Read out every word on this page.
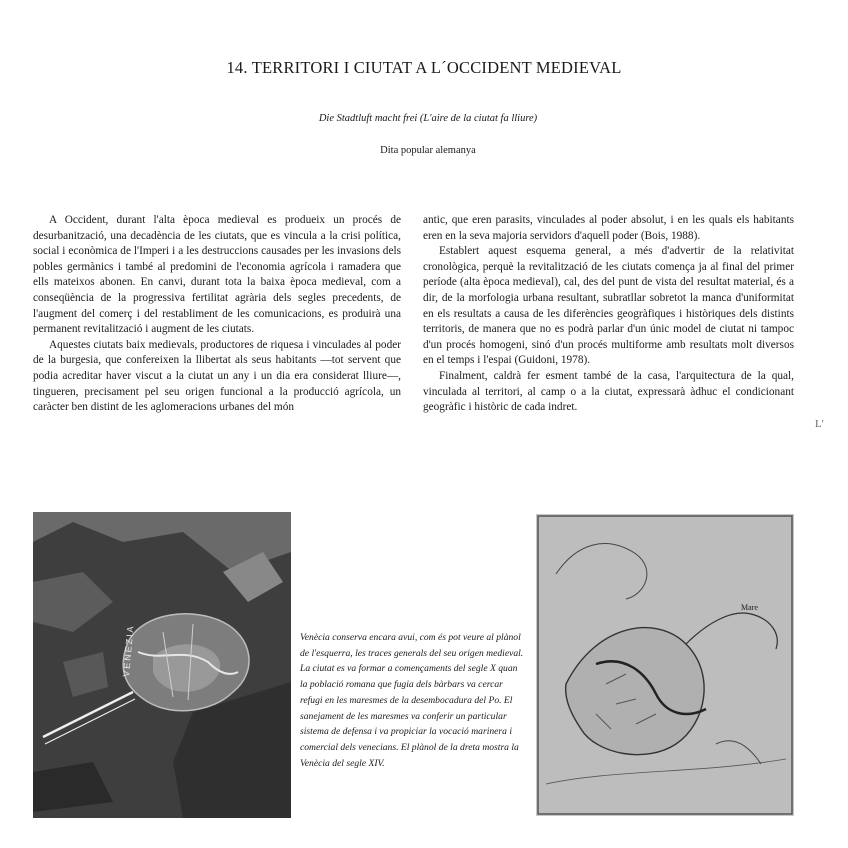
14. TERRITORI I CIUTAT A L´OCCIDENT MEDIEVAL
Die Stadtluft macht frei (L'aire de la ciutat fa lliure)
Dita popular alemanya

A Occident, durant l'alta època medieval es produeix un procés de desurbanització, una decadència de les ciutats, que es vincula a la crisi política, social i econòmica de l'Imperi i a les destruccions causades per les invasions dels pobles germànics i també al predomini de l'economia agrícola i ramadera que ells mateixos abonen. En canvi, durant tota la baixa època medieval, com a conseqüència de la progressiva fertilitat agrària dels segles precedents, de l'augment del comerç i del restabliment de les comunicacions, es produirà una permanent revitalització i augment de les ciutats.

Aquestes ciutats baix medievals, productores de riquesa i vinculades al poder de la burgesia, que confereixen la llibertat als seus habitants —tot servent que podia acreditar haver viscut a la ciutat un any i un dia era considerat lliure—, tingueren, precisament pel seu origen funcional a la producció agrícola, un caràcter ben distint de les aglomeracions urbanes del món

antic, que eren parasits, vinculades al poder absolut, i en les quals els habitants eren en la seva majoria servidors d'aquell poder (Bois, 1988).

Establert aquest esquema general, a més d'advertir de la relativitat cronològica, perquè la revitalització de les ciutats comença ja al final del primer període (alta època medieval), cal, des del punt de vista del resultat material, és a dir, de la morfologia urbana resultant, subratllar sobretot la manca d'uniformitat en els resultats a causa de les diferències geogràfiques i històriques dels distints territoris, de manera que no es podrà parlar d'un únic model de ciutat ni tampoc d'un procés homogeni, sinó d'un procés multiforme amb resultats molt diversos en el temps i l'espai (Guidoni, 1978).

Finalment, caldrà fer esment també de la casa, l'arquitectura de la qual, vinculada al territori, al camp o a la ciutat, expressarà àdhuc el condicionant geogràfic i històric de cada indret.

VENEZIA
Mare
Venècia conserva encara avui, com és pot veure al plànol de l'esquerra, les traces generals del seu origen medieval. La ciutat es va formar a començaments del segle X quan la població romana que fugia dels bàrbars va cercar refugi en les maresmes de la desembocadura del Po. El sanejament de les maresmes va conferir un particular sistema de defensa i va propiciar la vocació marinera i comercial dels venecians. El plànol de la dreta mostra la Venècia del segle XIV.
L'
